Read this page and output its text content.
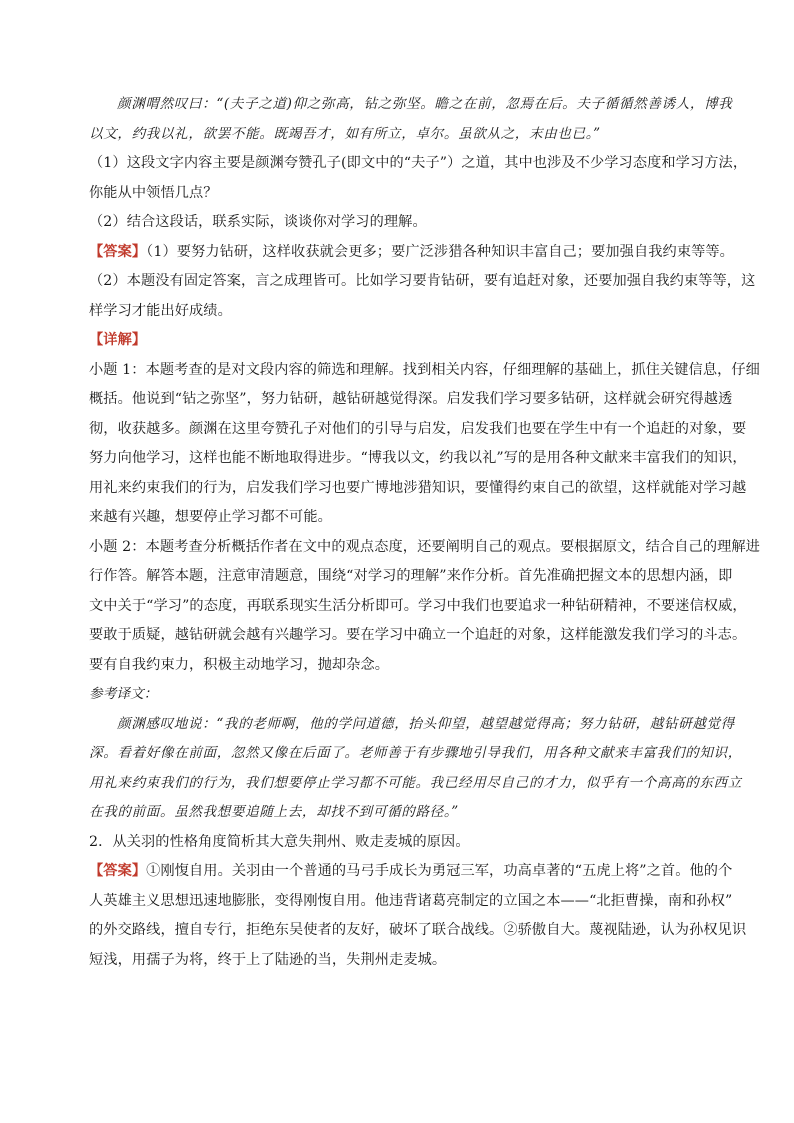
颜渊喟然叹曰：“(夫子之道)仰之弥高，钻之弥坚。瞻之在前，忽焉在后。夫子循循然善诱人，博我
以文，约我以礼，欲罢不能。既竭吾才，如有所立，卓尔。虽欲从之，末由也已。”
（1）这段文字内容主要是颜渊夸赞孔子(即文中的“夫子”）之道，其中也涉及不少学习态度和学习方法，
你能从中领悟几点？
（2）结合这段话，联系实际，谈谈你对学习的理解。
【答案】（1）要努力钻研，这样收获就会更多；要广泛涉猎各种知识丰富自己；要加强自我约束等等。
（2）本题没有固定答案，言之成理皆可。比如学习要肯钻研，要有追赶对象，还要加强自我约束等等，这
样学习才能出好成绩。
【详解】
小题 1：本题考查的是对文段内容的筛选和理解。找到相关内容，仔细理解的基础上，抓住关键信息，仔细
概括。他说到“钻之弥坚”，努力钻研，越钻研越觉得深。启发我们学习要多钻研，这样就会研究得越透
彻，收获越多。颜渊在这里夸赞孔子对他们的引导与启发，启发我们也要在学生中有一个追赶的对象，要
努力向他学习，这样也能不断地取得进步。“博我以文，约我以礼”写的是用各种文献来丰富我们的知识，
用礼来约束我们的行为，启发我们学习也要广博地涉猎知识，要懂得约束自己的欲望，这样就能对学习越
来越有兴趣，想要停止学习都不可能。
小题 2：本题考查分析概括作者在文中的观点态度，还要阐明自己的观点。要根据原文，结合自己的理解进
行作答。解答本题，注意审清题意，围绕“对学习的理解”来作分析。首先准确把握文本的思想内涵，即
文中关于“学习”的态度，再联系现实生活分析即可。学习中我们也要追求一种钻研精神，不要迷信权威，
要敢于质疑，越钻研就会越有兴趣学习。要在学习中确立一个追赶的对象，这样能激发我们学习的斗志。
要有自我约束力，积极主动地学习，抛却杂念。
参考译文：
颜渊感叹地说：“我的老师啊，他的学问道德，抬头仰望，越望越觉得高；努力钻研，越钻研越觉得
深。看着好像在前面，忽然又像在后面了。老师善于有步骤地引导我们，用各种文献来丰富我们的知识，
用礼来约束我们的行为，我们想要停止学习都不可能。我已经用尽自己的才力，似乎有一个高高的东西立
在我的前面。虽然我想要追随上去，却找不到可循的路径。”
2．从关羽的性格角度简析其大意失荆州、败走麦城的原因。
【答案】①刚愎自用。关羽由一个普通的马弓手成长为勇冠三军，功高卓著的“五虎上将”之首。他的个
人英雄主义思想迅速地膨胀，变得刚愎自用。他违背诸葛亮制定的立国之本——“北拒曹操，南和孙权”
的外交路线，擅自专行，拒绝东吴使者的友好，破坏了联合战线。②骄傲自大。蔑视陆逊，认为孙权见识
短浅，用孺子为将，终于上了陆逊的当，失荆州走麦城。
